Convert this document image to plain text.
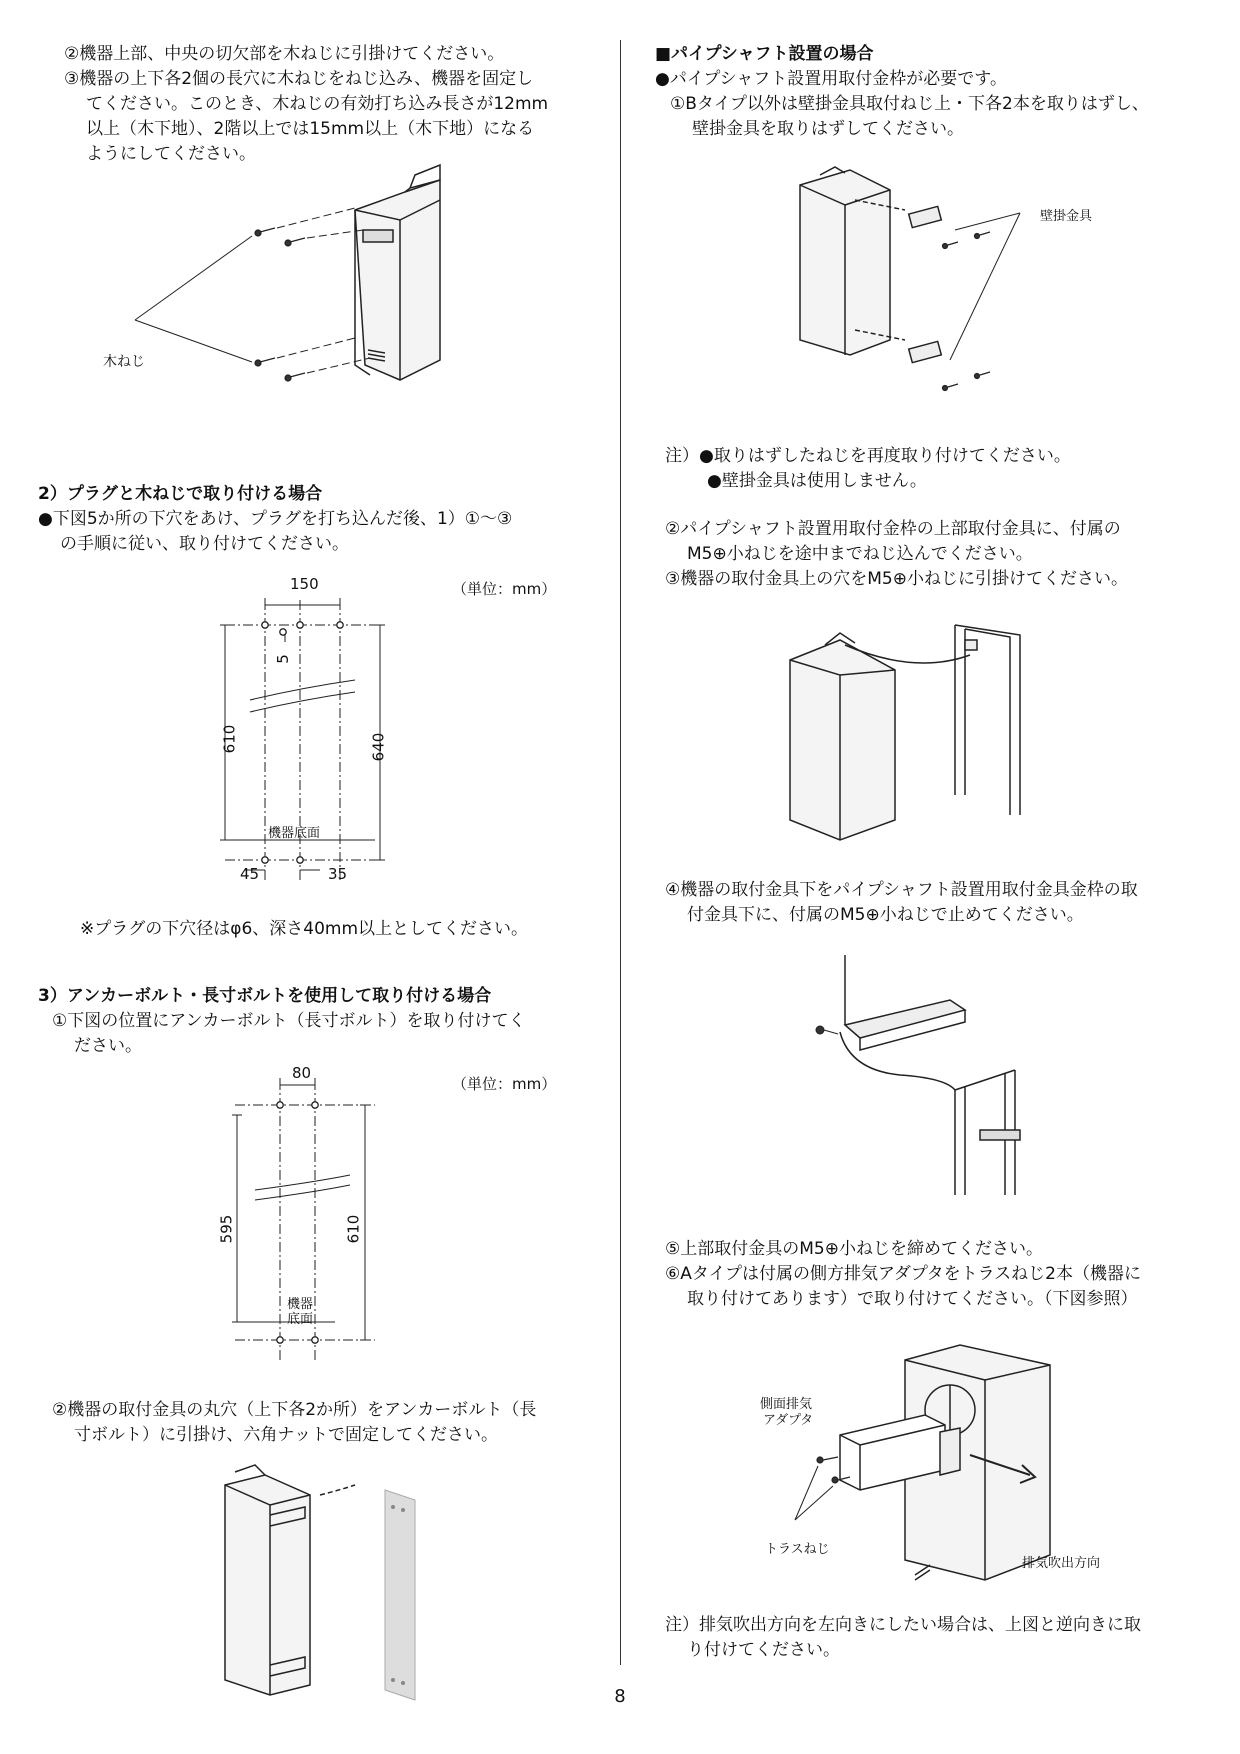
②機器上部、中央の切欠部を木ねじに引掛けてください。
③機器の上下各2個の長穴に木ねじをねじ込み、機器を固定し
てください。このとき、木ねじの有効打ち込み長さが12mm
以上（木下地）、2階以上では15mm以上（木下地）になる
ようにしてください。
木ねじ
2）プラグと木ねじで取り付ける場合
●下図5か所の下穴をあけ、プラグを打ち込んだ後、1）①～③
の手順に従い、取り付けてください。
（単位：mm）
150
5
610	640
機器底面
45	35
※プラグの下穴径はφ6、深さ40mm以上としてください。
3）アンカーボルト・長寸ボルトを使用して取り付ける場合
①下図の位置にアンカーボルト（長寸ボルト）を取り付けてく
ださい。
80
（単位：mm）
595	610
機器
底面
②機器の取付金具の丸穴（上下各2か所）をアンカーボルト（長
寸ボルト）に引掛け、六角ナットで固定してください。
■パイプシャフト設置の場合
●パイプシャフト設置用取付金枠が必要です。
①Bタイプ以外は壁掛金具取付ねじ上・下各2本を取りはずし、
壁掛金具を取りはずしてください。
壁掛金具
注）●取りはずしたねじを再度取り付けてください。
●壁掛金具は使用しません。
②パイプシャフト設置用取付金枠の上部取付金具に、付属の
M5⊕小ねじを途中までねじ込んでください。
③機器の取付金具上の穴をM5⊕小ねじに引掛けてください。
④機器の取付金具下をパイプシャフト設置用取付金具金枠の取
付金具下に、付属のM5⊕小ねじで止めてください。
⑤上部取付金具のM5⊕小ねじを締めてください。
⑥Aタイプは付属の側方排気アダプタをトラスねじ2本（機器に
取り付けてあります）で取り付けてください。（下図参照）
側面排気
アダプタ
トラスねじ
排気吹出方向
注）排気吹出方向を左向きにしたい場合は、上図と逆向きに取
り付けてください。
8
